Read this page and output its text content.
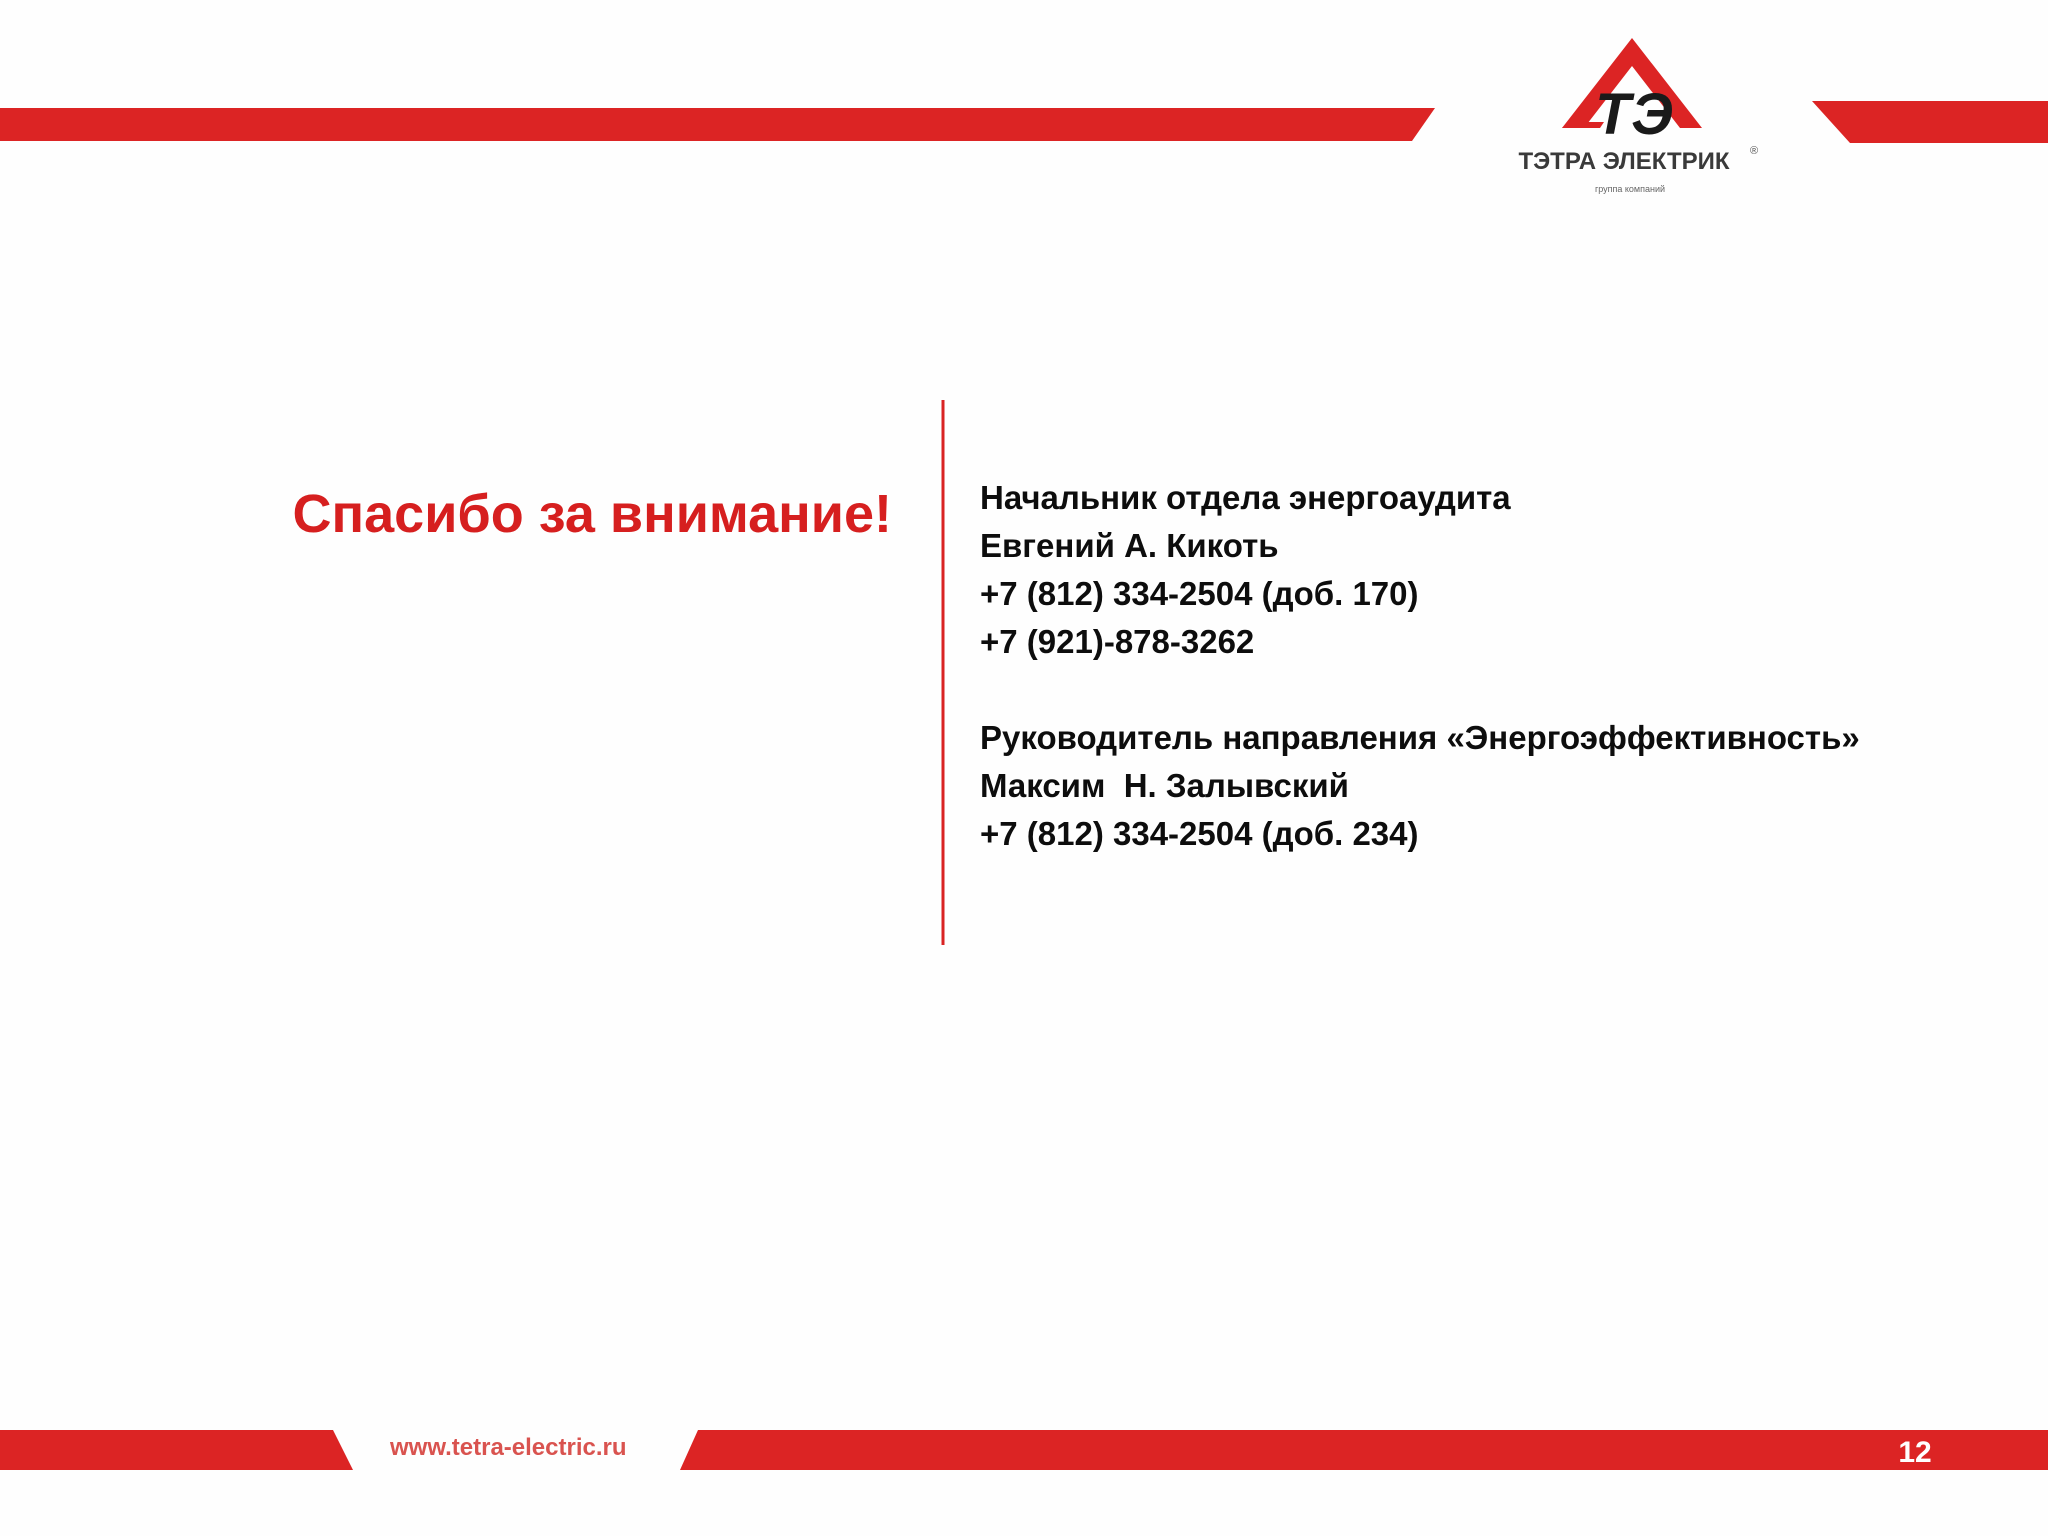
ТЭ
ТЭТРА ЭЛЕКТРИК ®
группа компаний
Спасибо за внимание!	Начальник отдела энергоаудита
Евгений А. Кикоть
+7 (812) 334-2504 (доб. 170)
+7 (921)-878-3262
Руководитель направления «Энергоэффективность»
Максим  Н. Залывский
+7 (812) 334-2504 (доб. 234)
www.tetra-electric.ru	12
